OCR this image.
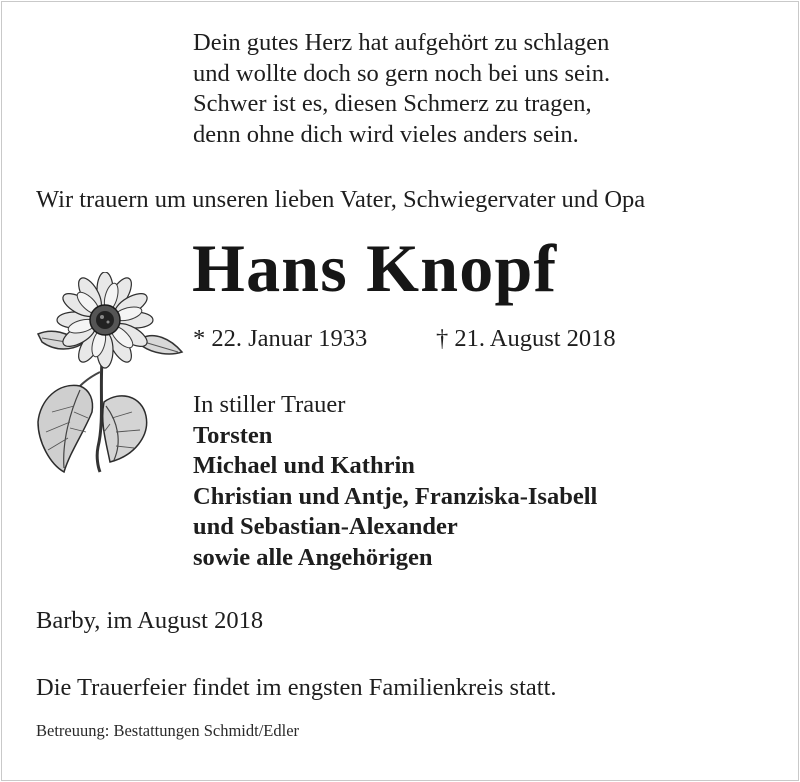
Dein gutes Herz hat aufgehört zu schlagen
und wollte doch so gern noch bei uns sein.
Schwer ist es, diesen Schmerz zu tragen,
denn ohne dich wird vieles anders sein.
Wir trauern um unseren lieben Vater, Schwiegervater und Opa
Hans Knopf
* 22. Januar 1933	† 21. August 2018
In stiller Trauer
Torsten
Michael und Kathrin
Christian und Antje, Franziska-Isabell
und Sebastian-Alexander
sowie alle Angehörigen
Barby, im August 2018
Die Trauerfeier findet im engsten Familienkreis statt.
Betreuung: Bestattungen Schmidt/Edler
